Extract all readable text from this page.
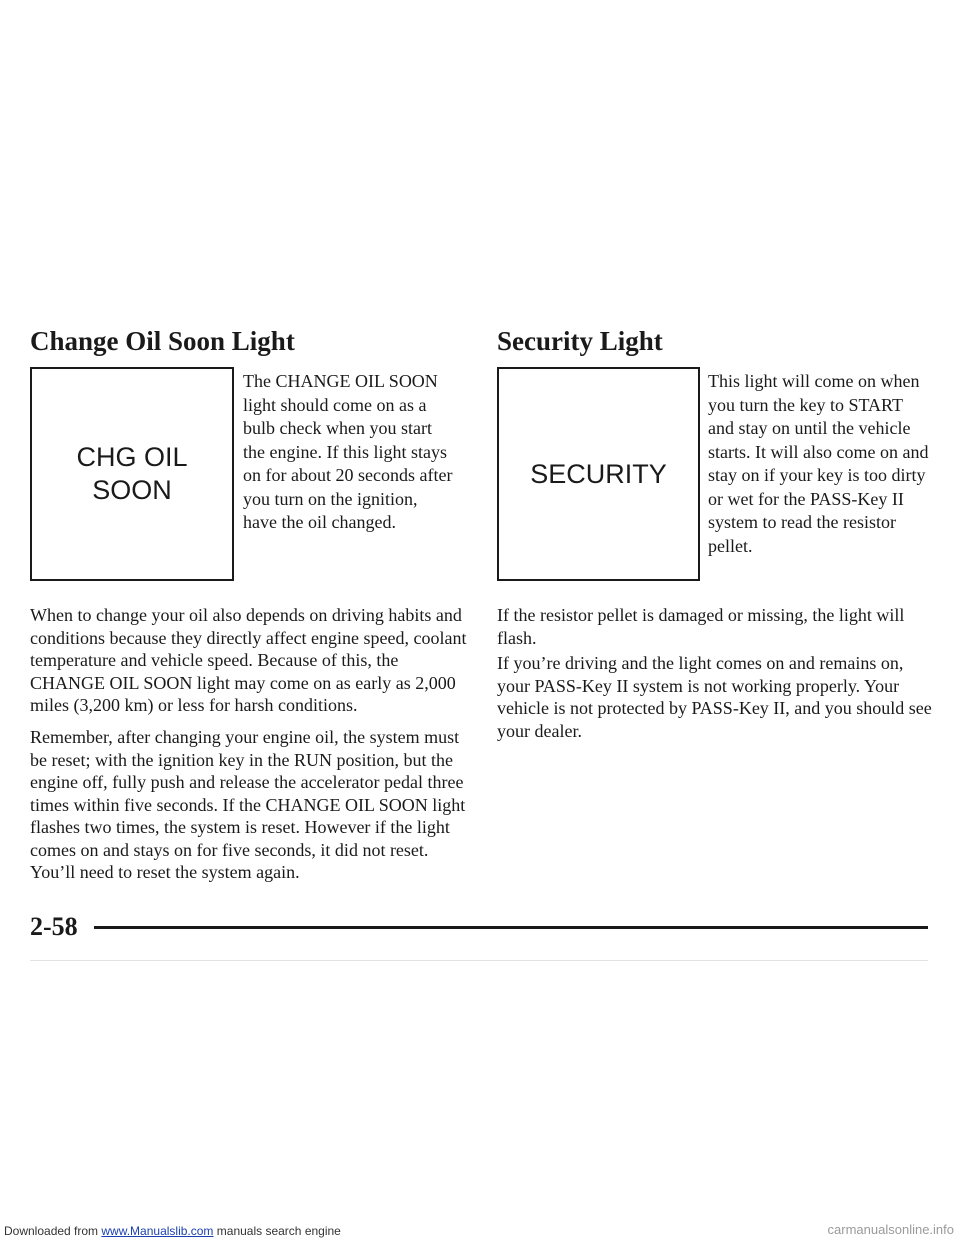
Change Oil Soon Light
CHG OIL
SOON

The CHANGE OIL SOON light should come on as a bulb check when you start the engine. If this light stays on for about 20 seconds after you turn on the ignition, have the oil changed.

When to change your oil also depends on driving habits and conditions because they directly affect engine speed, coolant temperature and vehicle speed. Because of this, the CHANGE OIL SOON light may come on as early as 2,000 miles (3,200 km) or less for harsh conditions.

Remember, after changing your engine oil, the system must be reset; with the ignition key in the RUN position, but the engine off, fully push and release the accelerator pedal three times within five seconds. If the CHANGE OIL SOON light flashes two times, the system is reset. However if the light comes on and stays on for five seconds, it did not reset. You’ll need to reset the system again.

Security Light
SECURITY

This light will come on when you turn the key to START and stay on until the vehicle starts. It will also come on and stay on if your key is too dirty or wet for the PASS-Key II system to read the resistor pellet.

If the resistor pellet is damaged or missing, the light will flash.

If you’re driving and the light comes on and remains on, your PASS-Key II system is not working properly. Your vehicle is not protected by PASS-Key II, and you should see your dealer.

2-58
Downloaded from www.Manualslib.com manuals search engine	carmanualsonline.info
